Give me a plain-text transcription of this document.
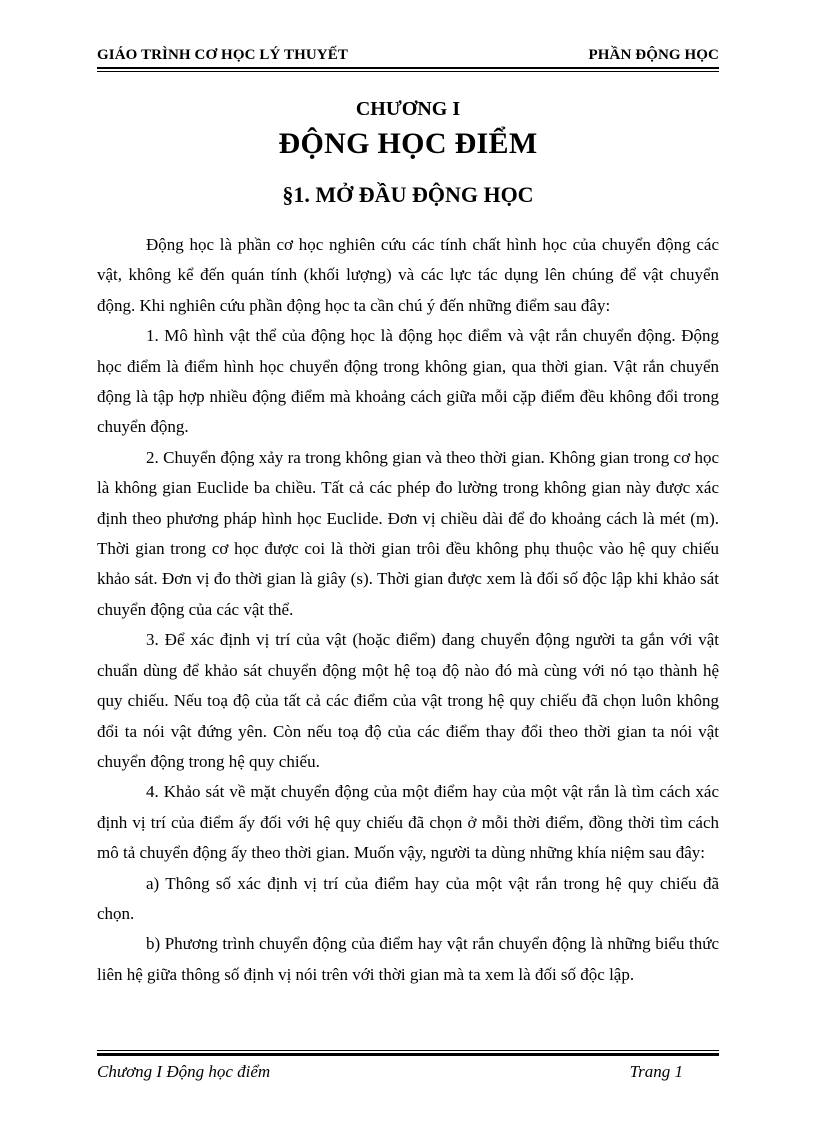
GIÁO TRÌNH CƠ HỌC LÝ THUYẾT	PHẦN ĐỘNG HỌC
CHƯƠNG I
ĐỘNG HỌC ĐIỂM
§1. MỞ ĐẦU ĐỘNG HỌC

Động học là phần cơ học nghiên cứu các tính chất hình học của chuyển động các vật, không kể đến quán tính (khối lượng) và các lực tác dụng lên chúng để vật chuyển động. Khi nghiên cứu phần động học ta cần chú ý đến những điểm sau đây:

1. Mô hình vật thể của động học là động học điểm và vật rắn chuyển động. Động học điểm là điểm hình học chuyển động trong không gian, qua thời gian. Vật rắn chuyển động là tập hợp nhiều động điểm mà khoảng cách giữa mỗi cặp điểm đều không đổi trong chuyển động.

2. Chuyển động xảy ra trong không gian và theo thời gian. Không gian trong cơ học là không gian Euclide ba chiều. Tất cả các phép đo lường trong không gian này được xác định theo phương pháp hình học Euclide. Đơn vị chiều dài để đo khoảng cách là mét (m). Thời gian trong cơ học được coi là thời gian trôi đều không phụ thuộc vào hệ quy chiếu khảo sát. Đơn vị đo thời gian là giây (s). Thời gian được xem là đối số độc lập khi khảo sát chuyển động của các vật thể.

3. Để xác định vị trí của vật (hoặc điểm) đang chuyển động người ta gắn với vật chuẩn dùng để khảo sát chuyển động một hệ toạ độ nào đó mà cùng với nó tạo thành hệ quy chiếu. Nếu toạ độ của tất cả các điểm của vật trong hệ quy chiếu đã chọn luôn không đổi ta nói vật đứng yên. Còn nếu toạ độ của các điểm thay đổi theo thời gian ta nói vật chuyển động trong hệ quy chiếu.

4. Khảo sát về mặt chuyển động của một điểm hay của một vật rắn là tìm cách xác định vị trí của điểm ấy đối với hệ quy chiếu đã chọn ở mỗi thời điểm, đồng thời tìm cách mô tả chuyển động ấy theo thời gian. Muốn vậy, người ta dùng những khía niệm sau đây:

a) Thông số xác định vị trí của điểm hay của một vật rắn trong hệ quy chiếu đã chọn.

b) Phương trình chuyển động của điểm hay vật rắn chuyển động là những biểu thức liên hệ giữa thông số định vị nói trên với thời gian mà ta xem là đối số độc lập.

Chương I Động học điểm	Trang 1
